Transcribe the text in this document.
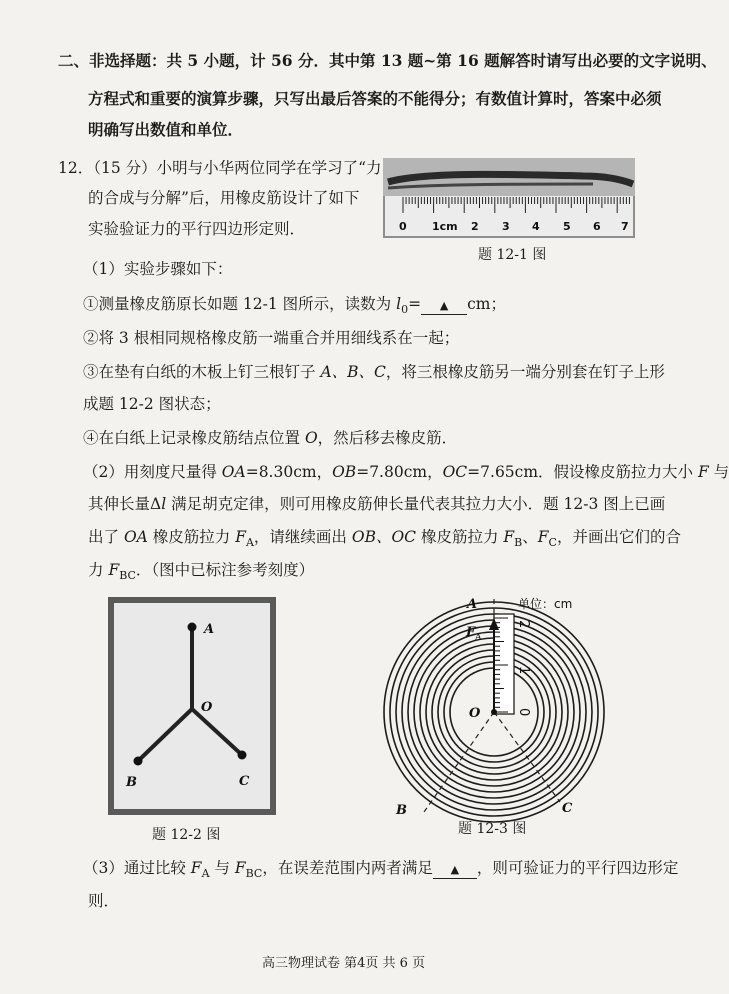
二、非选择题：共 5 小题，计 56 分．其中第 13 题~第 16 题解答时请写出必要的文字说明、
方程式和重要的演算步骤，只写出最后答案的不能得分；有数值计算时，答案中必须
明确写出数值和单位．
12．（15 分）小明与小华两位同学在学习了“力
的合成与分解”后，用橡皮筋设计了如下
实验验证力的平行四边形定则．	0 1cm 2 3 4 5 6 7
题 12-1 图
（1）实验步骤如下：
①测量橡皮筋原长如题 12-1 图所示，读数为 $l_0=$ ▲ cm；
②将 3 根相同规格橡皮筋一端重合并用细线系在一起；
③在垫有白纸的木板上钉三根钉子 A、B、C，将三根橡皮筋另一端分别套在钉子上形
成题 12-2 图状态；
④在白纸上记录橡皮筋结点位置 O，然后移去橡皮筋．
（2）用刻度尺量得 OA=8.30cm，OB=7.80cm，OC=7.65cm．假设橡皮筋拉力大小 F 与
其伸长量Δl 满足胡克定律，则可用橡皮筋伸长量代表其拉力大小．题 12-3 图上已画
出了 OA 橡皮筋拉力 $F_A$，请继续画出 OB、OC 橡皮筋拉力 $F_B$、$F_C$，并画出它们的合
力 $F_{BC}$．（图中已标注参考刻度）
A
O
B	C
题 12-2 图
A
O
B	C
F A
单位：cm
2
1
0
题 12-3 图
（3）通过比较 $F_A$ 与 $F_{BC}$，在误差范围内两者满足 ▲ ，则可验证力的平行四边形定
则．
高三物理试卷 第4页 共 6 页
